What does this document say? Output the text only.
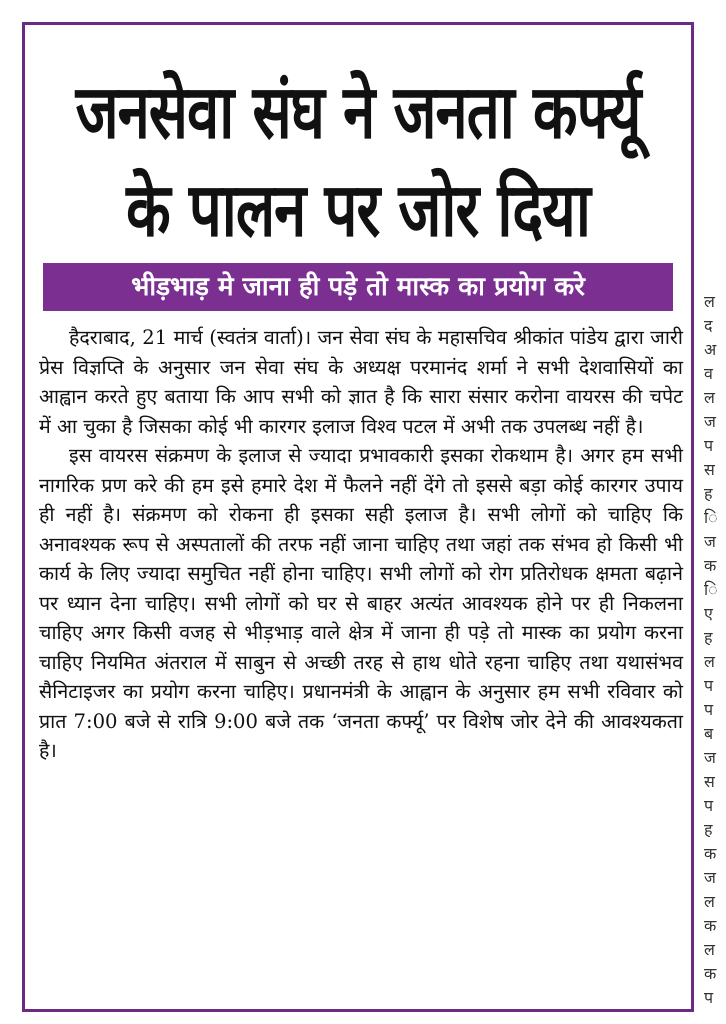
जनसेवा संघ ने जनता कर्फ्यू
के पालन पर जोर दिया
भीड़भाड़ मे जाना ही पड़े तो मास्क का प्रयोग करे

हैदराबाद, 21 मार्च (स्वतंत्र वार्ता)। जन सेवा संघ के महासचिव श्रीकांत पांडेय द्वारा जारी प्रेस विज्ञप्ति के अनुसार जन सेवा संघ के अध्यक्ष परमानंद शर्मा ने सभी देशवासियों का आह्वान करते हुए बताया कि आप सभी को ज्ञात है कि सारा संसार करोना वायरस की चपेट में आ चुका है जिसका कोई भी कारगर इलाज विश्व पटल में अभी तक उपलब्ध नहीं है।

इस वायरस संक्रमण के इलाज से ज्यादा प्रभावकारी इसका रोकथाम है। अगर हम सभी नागरिक प्रण करे की हम इसे हमारे देश में फैलने नहीं देंगे तो इससे बड़ा कोई कारगर उपाय ही नहीं है। संक्रमण को रोकना ही इसका सही इलाज है। सभी लोगों को चाहिए कि अनावश्यक रूप से अस्पतालों की तरफ नहीं जाना चाहिए तथा जहां तक संभव हो किसी भी कार्य के लिए ज्यादा समुचित नहीं होना चाहिए। सभी लोगों को रोग प्रतिरोधक क्षमता बढ़ाने पर ध्यान देना चाहिए। सभी लोगों को घर से बाहर अत्यंत आवश्यक होने पर ही निकलना चाहिए अगर किसी वजह से भीड़भाड़ वाले क्षेत्र में जाना ही पड़े तो मास्क का प्रयोग करना चाहिए नियमित अंतराल में साबुन से अच्छी तरह से हाथ धोते रहना चाहिए तथा यथासंभव सैनिटाइजर का प्रयोग करना चाहिए। प्रधानमंत्री के आह्वान के अनुसार हम सभी रविवार को प्रात 7:00 बजे से रात्रि 9:00 बजे तक ‘जनता कर्फ्यू’ पर विशेष जोर देने की आवश्यकता है।

ल
द
अ
व
ल
ज
प
स
ह
ि
ज
क
ि
ए
ह
ल
प
प
ब
ज
स
प
ह
क
ज
ल
क
ल
क
प
